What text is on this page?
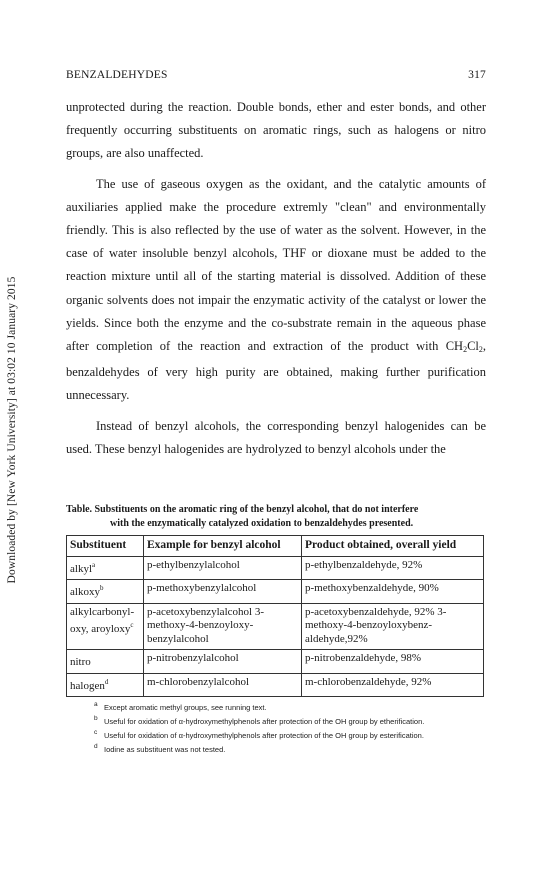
Downloaded by [New York University] at 03:02 10 January 2015
BENZALDEHYDES	317

unprotected during the reaction. Double bonds, ether and ester bonds, and other frequently occurring substituents on aromatic rings, such as halogens or nitro groups, are also unaffected.

The use of gaseous oxygen as the oxidant, and the catalytic amounts of auxiliaries applied make the procedure extremly "clean" and environmentally friendly. This is also reflected by the use of water as the solvent. However, in the case of water insoluble benzyl alcohols, THF or dioxane must be added to the reaction mixture until all of the starting material is dissolved. Addition of these organic solvents does not impair the enzymatic activity of the catalyst or lower the yields. Since both the enzyme and the co-substrate remain in the aqueous phase after completion of the reaction and extraction of the product with $CH_2Cl_2$, benzaldehydes of very high purity are obtained, making further purification unnecessary.

Instead of benzyl alcohols, the corresponding benzyl halogenides can be used. These benzyl halogenides are hydrolyzed to benzyl alcohols under the

Table. Substituents on the aromatic ring of the benzyl alcohol, that do not interfere
with the enzymatically catalyzed oxidation to benzaldehydes presented.
Substituent	Example for benzyl alcohol	Product obtained, overall yield
alkyl$^a$	p-ethylbenzylalcohol	p-ethylbenzaldehyde, 92%
alkoxy$^b$	p-methoxybenzylalcohol	p-methoxybenzaldehyde, 90%
alkylcarbonyl- oxy, aroyloxy$^c$	p-acetoxybenzylalcohol 3-methoxy-4-benzoyloxy- benzylalcohol	p-acetoxybenzaldehyde, 92% 3-methoxy-4-benzoyloxybenz- aldehyde,92%
nitro	p-nitrobenzylalcohol	p-nitrobenzaldehyde, 98%
halogen$^d$	m-chlorobenzylalcohol	m-chlorobenzaldehyde, 92%
a Except aromatic methyl groups, see running text.
b Useful for oxidation of α-hydroxymethylphenols after protection of the OH group by etherification.
c Useful for oxidation of α-hydroxymethylphenols after protection of the OH group by esterification.
d Iodine as substituent was not tested.
